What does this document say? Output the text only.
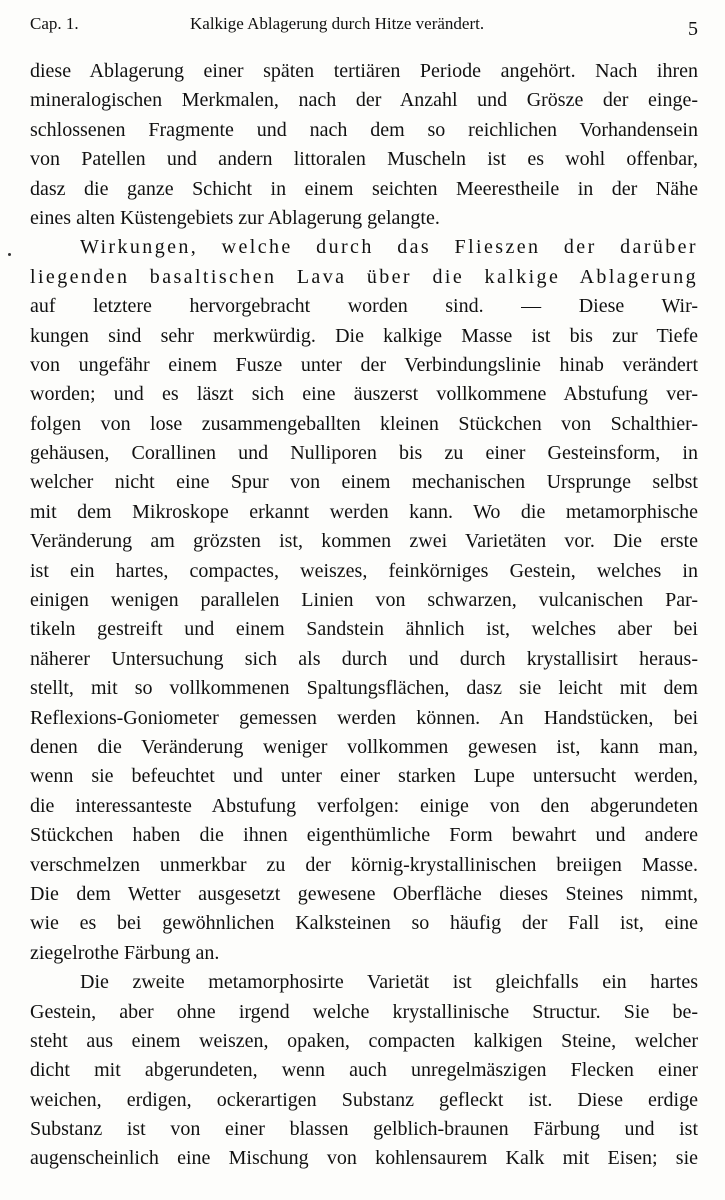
Cap. 1.	Kalkige Ablagerung durch Hitze verändert.	5
diese Ablagerung einer späten tertiären Periode angehört. Nach ihren
mineralogischen Merkmalen, nach der Anzahl und Grösze der einge-
schlossenen Fragmente und nach dem so reichlichen Vorhandensein
von Patellen und andern littoralen Muscheln ist es wohl offenbar,
dasz die ganze Schicht in einem seichten Meerestheile in der Nähe
eines alten Küstengebiets zur Ablagerung gelangte.
Wirkungen, welche durch das Flieszen der darüber
liegenden basaltischen Lava über die kalkige Ablagerung
auf letztere hervorgebracht worden sind. — Diese Wir-
kungen sind sehr merkwürdig. Die kalkige Masse ist bis zur Tiefe
von ungefähr einem Fusze unter der Verbindungslinie hinab verändert
worden; und es läszt sich eine äuszerst vollkommene Abstufung ver-
folgen von lose zusammengeballten kleinen Stückchen von Schalthier-
gehäusen, Corallinen und Nulliporen bis zu einer Gesteinsform, in
welcher nicht eine Spur von einem mechanischen Ursprunge selbst
mit dem Mikroskope erkannt werden kann. Wo die metamorphische
Veränderung am grözsten ist, kommen zwei Varietäten vor. Die erste
ist ein hartes, compactes, weiszes, feinkörniges Gestein, welches in
einigen wenigen parallelen Linien von schwarzen, vulcanischen Par-
tikeln gestreift und einem Sandstein ähnlich ist, welches aber bei
näherer Untersuchung sich als durch und durch krystallisirt heraus-
stellt, mit so vollkommenen Spaltungsflächen, dasz sie leicht mit dem
Reflexions-Goniometer gemessen werden können. An Handstücken, bei
denen die Veränderung weniger vollkommen gewesen ist, kann man,
wenn sie befeuchtet und unter einer starken Lupe untersucht werden,
die interessanteste Abstufung verfolgen: einige von den abgerundeten
Stückchen haben die ihnen eigenthümliche Form bewahrt und andere
verschmelzen unmerkbar zu der körnig-krystallinischen breiigen Masse.
Die dem Wetter ausgesetzt gewesene Oberfläche dieses Steines nimmt,
wie es bei gewöhnlichen Kalksteinen so häufig der Fall ist, eine
ziegelrothe Färbung an.
Die zweite metamorphosirte Varietät ist gleichfalls ein hartes
Gestein, aber ohne irgend welche krystallinische Structur. Sie be-
steht aus einem weiszen, opaken, compacten kalkigen Steine, welcher
dicht mit abgerundeten, wenn auch unregelmäszigen Flecken einer
weichen, erdigen, ockerartigen Substanz gefleckt ist. Diese erdige
Substanz ist von einer blassen gelblich-braunen Färbung und ist
augenscheinlich eine Mischung von kohlensaurem Kalk mit Eisen; sie
